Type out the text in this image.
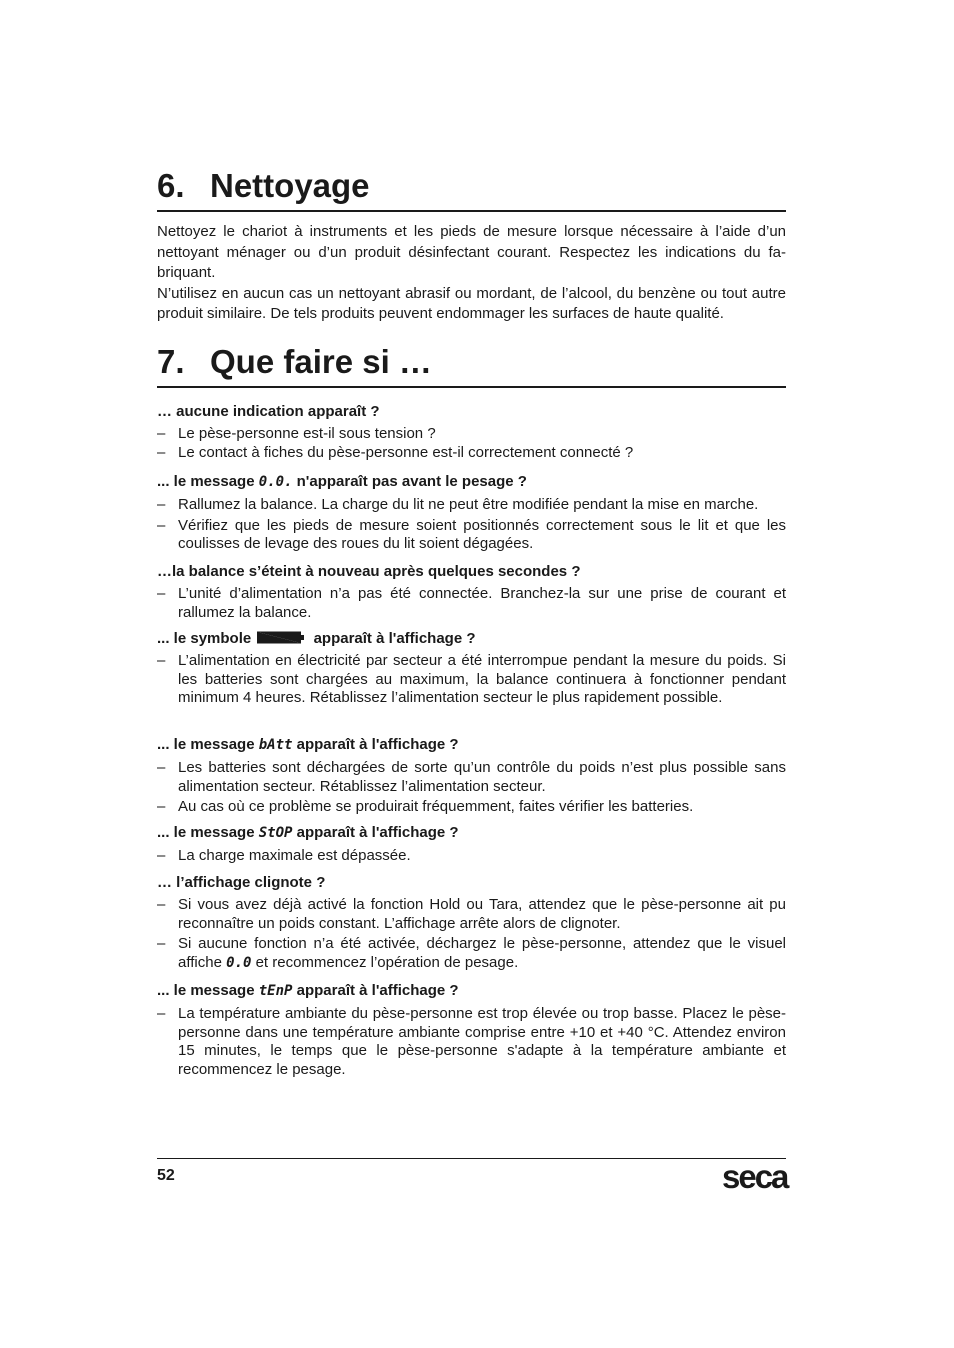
6. Nettoyage

Nettoyez le chariot à instruments et les pieds de mesure lorsque nécessaire à l’aide d’un nettoyant ménager ou d’un produit désinfectant courant. Respectez les indications du fabriquant.

N’utilisez en aucun cas un nettoyant abrasif ou mordant, de l’alcool, du benzène ou tout autre produit similaire. De tels produits peuvent endommager les surfaces de haute qualité.

7. Que faire si …

… aucune indication apparaît ?

– Le pèse-personne est-il sous tension ?

– Le contact à fiches du pèse-personne est-il correctement connecté ?

... le message 0.0. n'apparaît pas avant le pesage ?

– Rallumez la balance. La charge du lit ne peut être modifiée pendant la mise en marche.

– Vérifiez que les pieds de mesure soient positionnés correctement sous le lit et que les coulisses de levage des roues du lit soient dégagées.

…la balance s’éteint à nouveau après quelques secondes ?

– L’unité d’alimentation n’a pas été connectée. Branchez-la sur une prise de courant et rallumez la balance.

... le symbole	apparaît à l'affichage ?

– L’alimentation en électricité par secteur a été interrompue pendant la mesure du poids. Si les batteries sont chargées au maximum, la balance continuera à fonctionner pendant minimum 4 heures. Rétablissez l’alimentation secteur le plus rapidement possible.

... le message bAtt apparaît à l'affichage ?

– Les batteries sont déchargées de sorte qu’un contrôle du poids n’est plus possible sans alimentation secteur. Rétablissez l’alimentation secteur.

– Au cas où ce problème se produirait fréquemment, faites vérifier les batteries.

... le message StOP apparaît à l'affichage ?

– La charge maximale est dépassée.

… l’affichage clignote ?

– Si vous avez déjà activé la fonction Hold ou Tara, attendez que le pèse-personne ait pu reconnaître un poids constant. L’affichage arrête alors de clignoter.

– Si aucune fonction n’a été activée, déchargez le pèse-personne, attendez que le visuel affiche 0.0 et recommencez l’opération de pesage.

... le message tEnP apparaît à l'affichage ?

– La température ambiante du pèse-personne est trop élevée ou trop basse. Placez le pèse-personne dans une température ambiante comprise entre +10 et +40 °C. Attendez environ 15 minutes, le temps que le pèse-personne s'adapte à la température ambiante et recommencez le pesage.

52	seca
